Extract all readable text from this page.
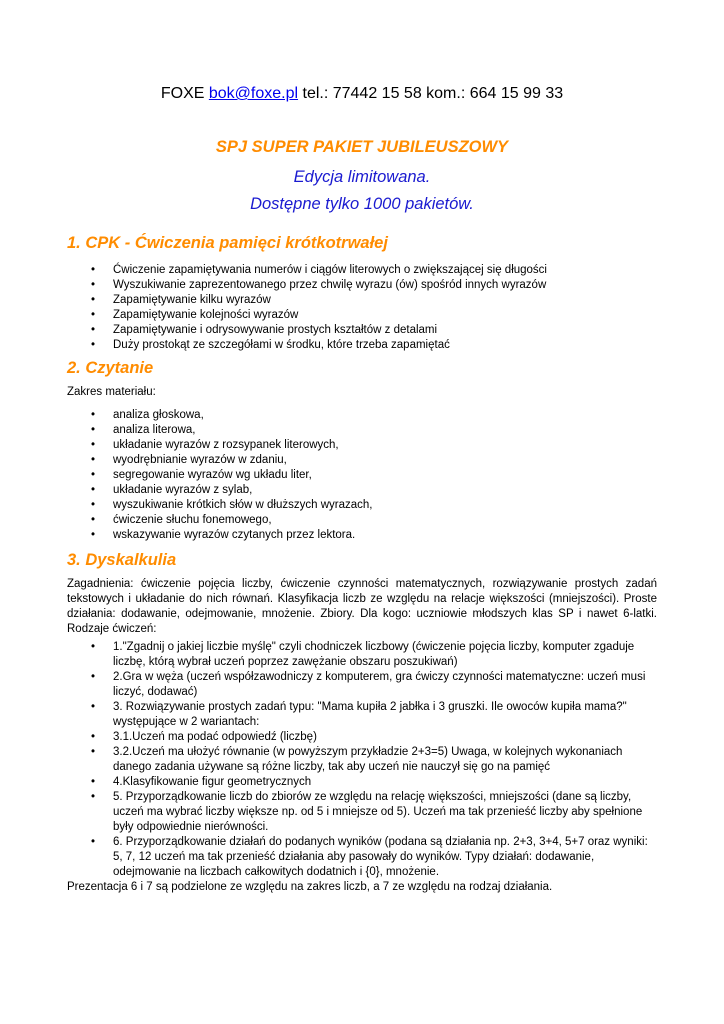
FOXE bok@foxe.pl tel.: 77442 15 58 kom.: 664 15 99 33
SPJ SUPER PAKIET JUBILEUSZOWY
Edycja limitowana.
Dostępne tylko 1000 pakietów.
1. CPK - Ćwiczenia pamięci krótkotrwałej
• Ćwiczenie zapamiętywania numerów i ciągów literowych o zwiększającej się długości
• Wyszukiwanie zaprezentowanego przez chwilę wyrazu (ów) spośród innych wyrazów
• Zapamiętywanie kilku wyrazów
• Zapamiętywanie kolejności wyrazów
• Zapamiętywanie i odrysowywanie prostych kształtów z detalami
• Duży prostokąt ze szczegółami w środku, które trzeba zapamiętać
2. Czytanie
Zakres materiału:
• analiza głoskowa,
• analiza literowa,
• układanie wyrazów z rozsypanek literowych,
• wyodrębnianie wyrazów w zdaniu,
• segregowanie wyrazów wg układu liter,
• układanie wyrazów z sylab,
• wyszukiwanie krótkich słów w dłuższych wyrazach,
• ćwiczenie słuchu fonemowego,
• wskazywanie wyrazów czytanych przez lektora.
3. Dyskalkulia
Zagadnienia: ćwiczenie pojęcia liczby, ćwiczenie czynności matematycznych, rozwiązywanie prostych zadań tekstowych i układanie do nich równań. Klasyfikacja liczb ze względu na relacje większości (mniejszości). Proste działania: dodawanie, odejmowanie, mnożenie. Zbiory. Dla kogo: uczniowie młodszych klas SP i nawet 6-latki. Rodzaje ćwiczeń:
• 1."Zgadnij o jakiej liczbie myślę" czyli chodniczek liczbowy (ćwiczenie pojęcia liczby, komputer zgaduje liczbę, którą wybrał uczeń poprzez zawężanie obszaru poszukiwań)
• 2.Gra w węża (uczeń współzawodniczy z komputerem, gra ćwiczy czynności matematyczne: uczeń musi liczyć, dodawać)
• 3. Rozwiązywanie prostych zadań typu: "Mama kupiła 2 jabłka i 3 gruszki. Ile owoców kupiła mama?" występujące w 2 wariantach:
• 3.1.Uczeń ma podać odpowiedź (liczbę)
• 3.2.Uczeń ma ułożyć równanie (w powyższym przykładzie 2+3=5) Uwaga, w kolejnych wykonaniach danego zadania używane są różne liczby, tak aby uczeń nie nauczył się go na pamięć
• 4.Klasyfikowanie figur geometrycznych
• 5. Przyporządkowanie liczb do zbiorów ze względu na relację większości, mniejszości (dane są liczby, uczeń ma wybrać liczby większe np. od 5 i mniejsze od 5). Uczeń ma tak przenieść liczby aby spełnione były odpowiednie nierówności.
• 6. Przyporządkowanie działań do podanych wyników (podana są działania np. 2+3, 3+4, 5+7 oraz wyniki: 5, 7, 12 uczeń ma tak przenieść działania aby pasowały do wyników. Typy działań: dodawanie, odejmowanie na liczbach całkowitych dodatnich i {0}, mnożenie.
Prezentacja 6 i 7 są podzielone ze względu na zakres liczb, a 7 ze względu na rodzaj działania.
